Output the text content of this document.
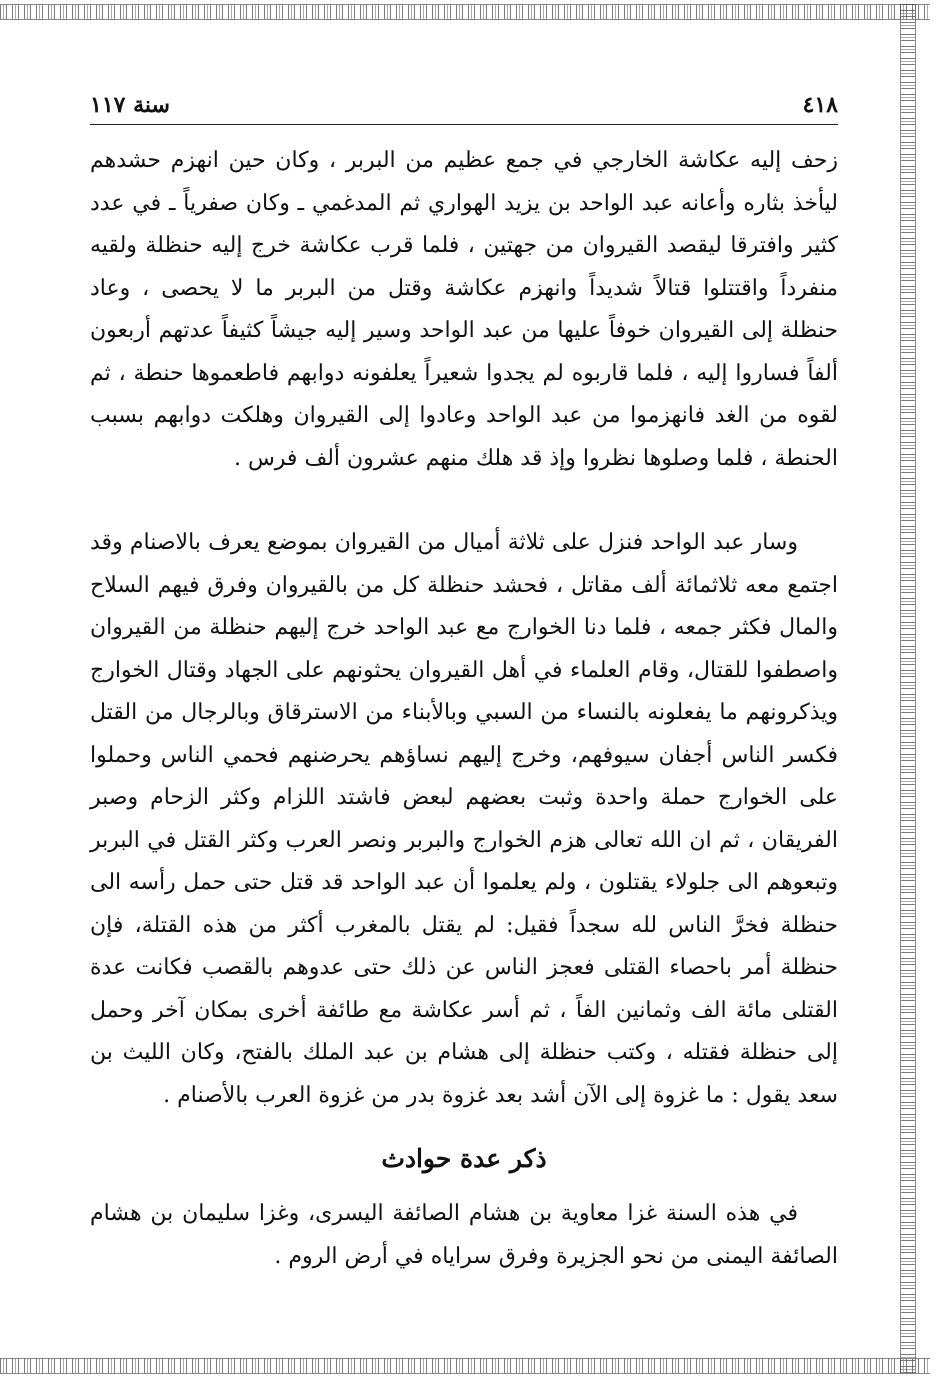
٤١٨
سنة ١١٧

زحف إليه عكاشة الخارجي في جمع عظيم من البربر ، وكان حين انهزم حشدهم ليأخذ بثاره وأعانه عبد الواحد بن يزيد الهواري ثم المدغمي ـ وكان صفرياً ـ في عدد كثير وافترقا ليقصد القيروان من جهتين ، فلما قرب عكاشة خرج إليه حنظلة ولقيه منفرداً واقتتلوا قتالاً شديداً وانهزم عكاشة وقتل من البربر ما لا يحصى ، وعاد حنظلة إلى القيروان خوفاً عليها من عبد الواحد وسير إليه جيشاً كثيفاً عدتهم أربعون ألفاً فساروا إليه ، فلما قاربوه لم يجدوا شعيراً يعلفونه دوابهم فاطعموها حنطة ، ثم لقوه من الغد فانهزموا من عبد الواحد وعادوا إلى القيروان وهلكت دوابهم بسبب الحنطة ، فلما وصلوها نظروا وإذ قد هلك منهم عشرون ألف فرس .

وسار عبد الواحد فنزل على ثلاثة أميال من القيروان بموضع يعرف بالاصنام وقد اجتمع معه ثلاثمائة ألف مقاتل ، فحشد حنظلة كل من بالقيروان وفرق فيهم السلاح والمال فكثر جمعه ، فلما دنا الخوارج مع عبد الواحد خرج إليهم حنظلة من القيروان واصطفوا للقتال، وقام العلماء في أهل القيروان يحثونهم على الجهاد وقتال الخوارج ويذكرونهم ما يفعلونه بالنساء من السبي وبالأبناء من الاسترقاق وبالرجال من القتل فكسر الناس أجفان سيوفهم، وخرج إليهم نساؤهم يحرضنهم فحمي الناس وحملوا على الخوارج حملة واحدة وثبت بعضهم لبعض فاشتد اللزام وكثر الزحام وصبر الفريقان ، ثم ان الله تعالى هزم الخوارج والبربر ونصر العرب وكثر القتل في البربر وتبعوهم الى جلولاء يقتلون ، ولم يعلموا أن عبد الواحد قد قتل حتى حمل رأسه الى حنظلة فخرَّ الناس لله سجداً فقيل: لم يقتل بالمغرب أكثر من هذه القتلة، فإن حنظلة أمر باحصاء القتلى فعجز الناس عن ذلك حتى عدوهم بالقصب فكانت عدة القتلى مائة الف وثمانين الفاً ، ثم أسر عكاشة مع طائفة أخرى بمكان آخر وحمل إلى حنظلة فقتله ، وكتب حنظلة إلى هشام بن عبد الملك بالفتح، وكان الليث بن سعد يقول : ما غزوة إلى الآن أشد بعد غزوة بدر من غزوة العرب بالأصنام .

ذكر عدة حوادث

في هذه السنة غزا معاوية بن هشام الصائفة اليسرى، وغزا سليمان بن هشام الصائفة اليمنى من نحو الجزيرة وفرق سراياه في أرض الروم .
